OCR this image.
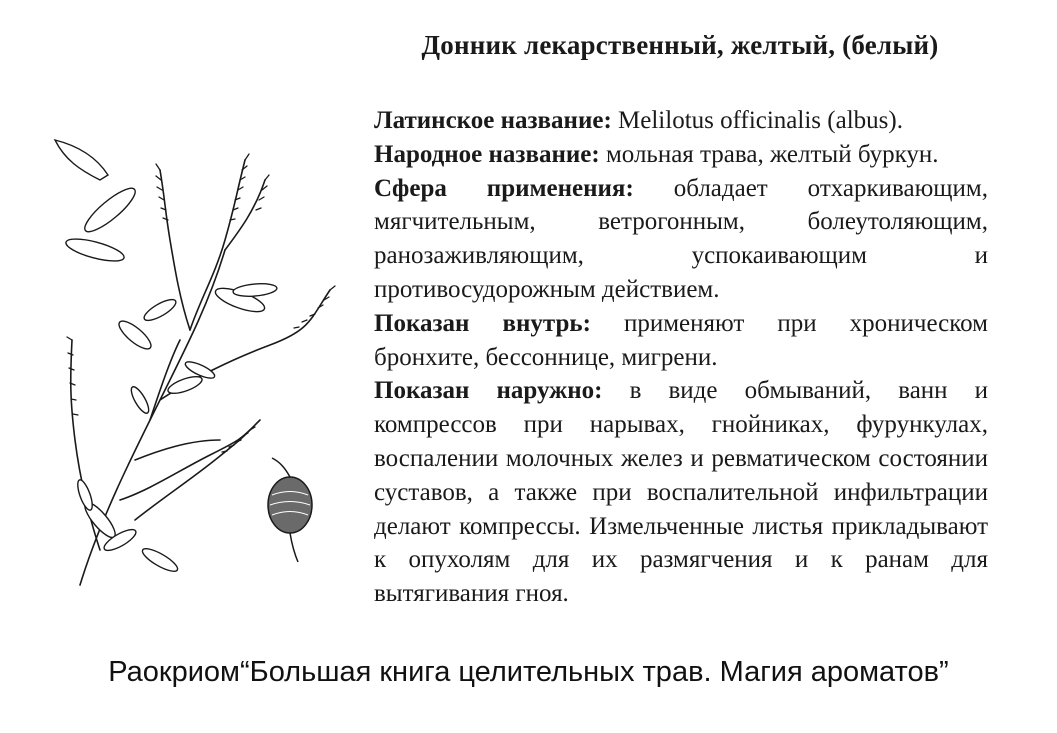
Донник лекарственный, желтый, (белый)

Латинское название: Melilotus officinalis (albus).

Народное название: мольная трава, желтый буркун.

Сфера применения: обладает отхаркивающим, мягчительным, ветрогонным, болеутоляющим, ранозаживляющим, успокаивающим и противосудорожным действием.

Показан внутрь: применяют при хроническом бронхите, бессоннице, мигрени.

Показан наружно: в виде обмываний, ванн и компрессов при нарывах, гнойниках, фурункулах, воспалении молочных желез и ревматическом состоянии суставов, а также при воспалительной инфильтрации делают компрессы. Измельченные листья прикладывают к опухолям для их размягчения и к ранам для вытягивания гноя.

Раокриом“Большая книга целительных трав. Магия ароматов”
